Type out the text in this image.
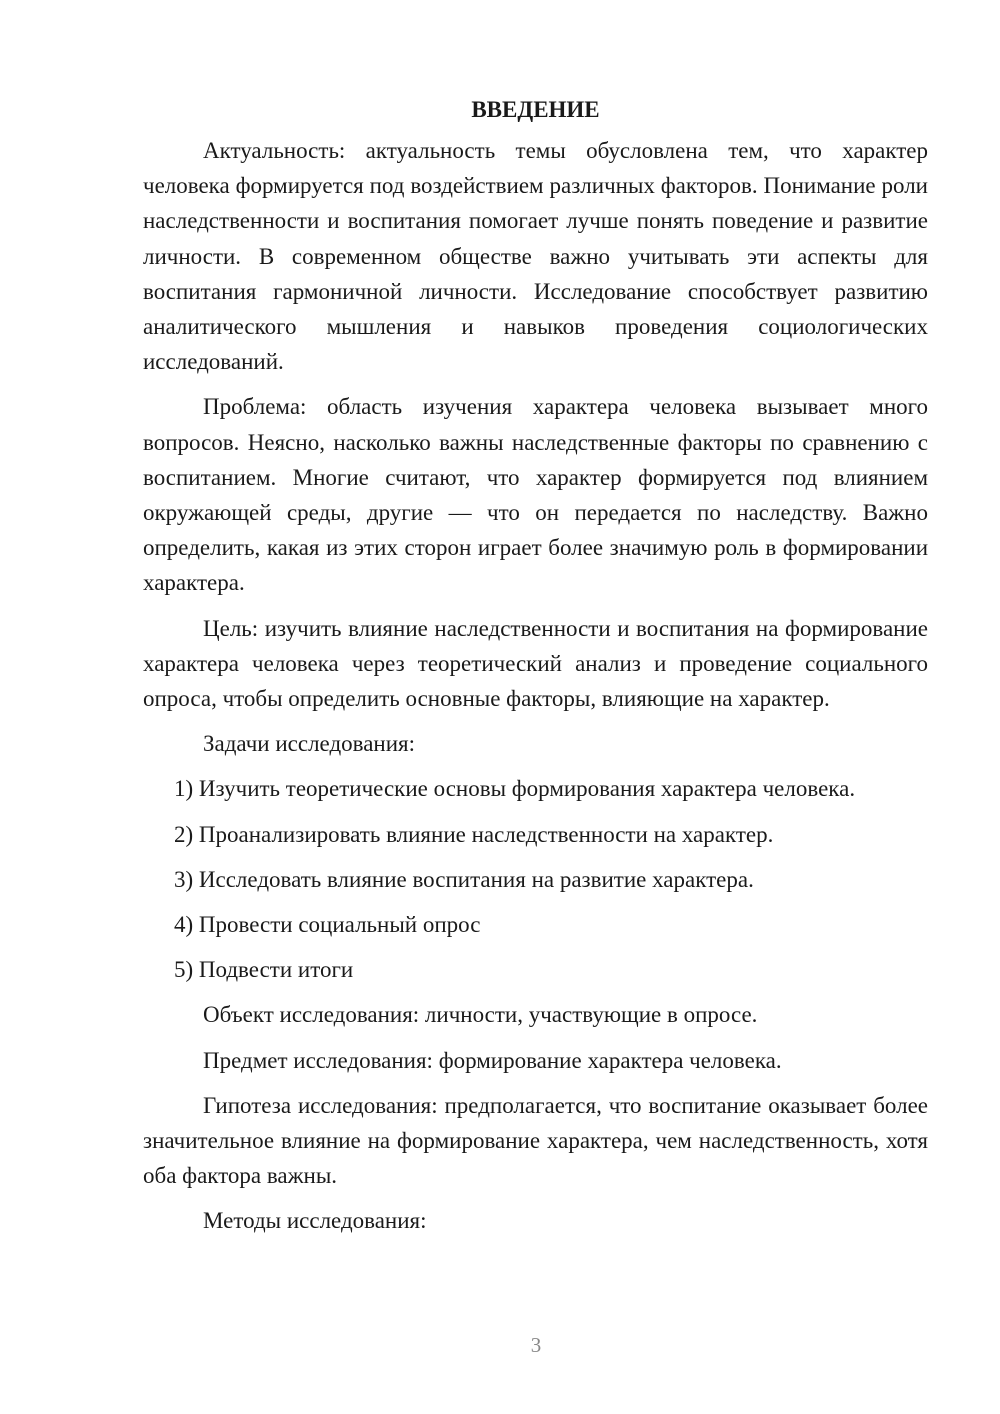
ВВЕДЕНИЕ

Актуальность: актуальность темы обусловлена тем, что характер человека формируется под воздействием различных факторов. Понимание роли наследственности и воспитания помогает лучше понять поведение и развитие личности. В современном обществе важно учитывать эти аспекты для воспитания гармоничной личности. Исследование способствует развитию аналитического мышления и навыков проведения социологических исследований.

Проблема: область изучения характера человека вызывает много вопросов. Неясно, насколько важны наследственные факторы по сравнению с воспитанием. Многие считают, что характер формируется под влиянием окружающей среды, другие — что он передается по наследству. Важно определить, какая из этих сторон играет более значимую роль в формировании характера.

Цель: изучить влияние наследственности и воспитания на формирование характера человека через теоретический анализ и проведение социального опроса, чтобы определить основные факторы, влияющие на характер.

Задачи исследования:

1) Изучить теоретические основы формирования характера человека.

2) Проанализировать влияние наследственности на характер.

3) Исследовать влияние воспитания на развитие характера.

4) Провести социальный опрос

5) Подвести итоги

Объект исследования: личности, участвующие в опросе.

Предмет исследования: формирование характера человека.

Гипотеза исследования: предполагается, что воспитание оказывает более значительное влияние на формирование характера, чем наследственность, хотя оба фактора важны.

Методы исследования:

3
